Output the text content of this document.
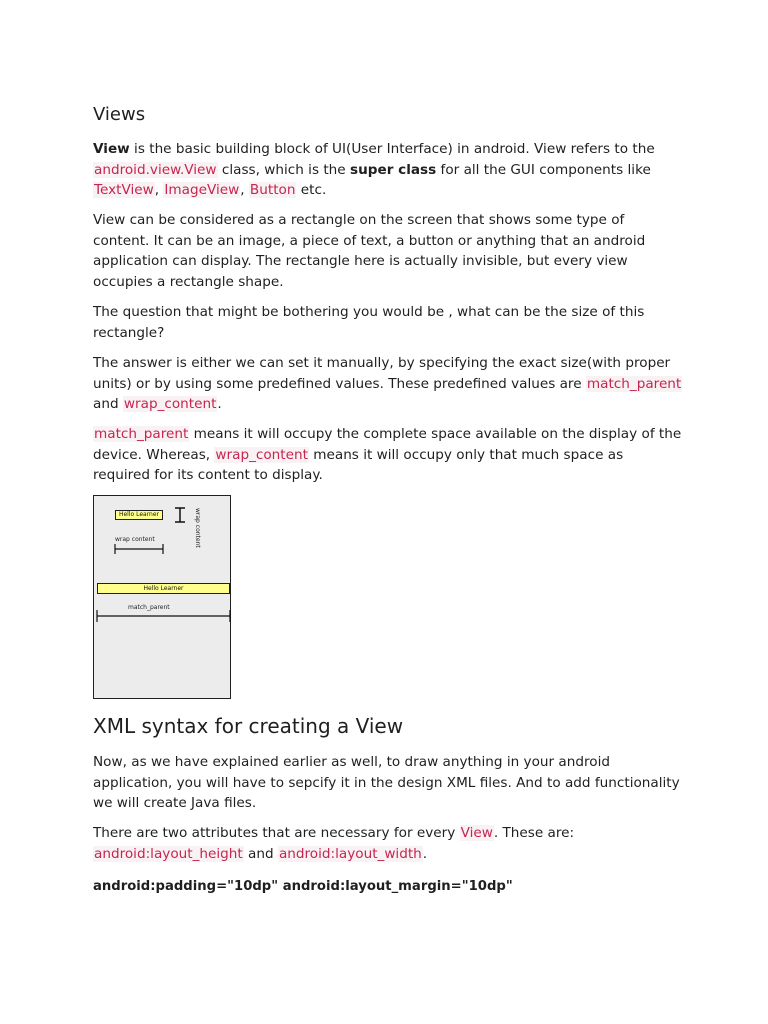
Views

View is the basic building block of UI(User Interface) in android. View refers to the android.view.View class, which is the super class for all the GUI components like TextView, ImageView, Button etc.

View can be considered as a rectangle on the screen that shows some type of content. It can be an image, a piece of text, a button or anything that an android application can display. The rectangle here is actually invisible, but every view occupies a rectangle shape.

The question that might be bothering you would be , what can be the size of this rectangle?

The answer is either we can set it manually, by specifying the exact size(with proper units) or by using some predefined values. These predefined values are match_parent and wrap_content.

match_parent means it will occupy the complete space available on the display of the device. Whereas, wrap_content means it will occupy only that much space as required for its content to display.

XML syntax for creating a View

Now, as we have explained earlier as well, to draw anything in your android application, you will have to sepcify it in the design XML files. And to add functionality we will create Java files.

There are two attributes that are necessary for every View. These are: android:layout_height and android:layout_width.

android:padding="10dp" android:layout_margin="10dp"

Hello Learner	wrap content
wrap content
Hello Learner
match_parent
